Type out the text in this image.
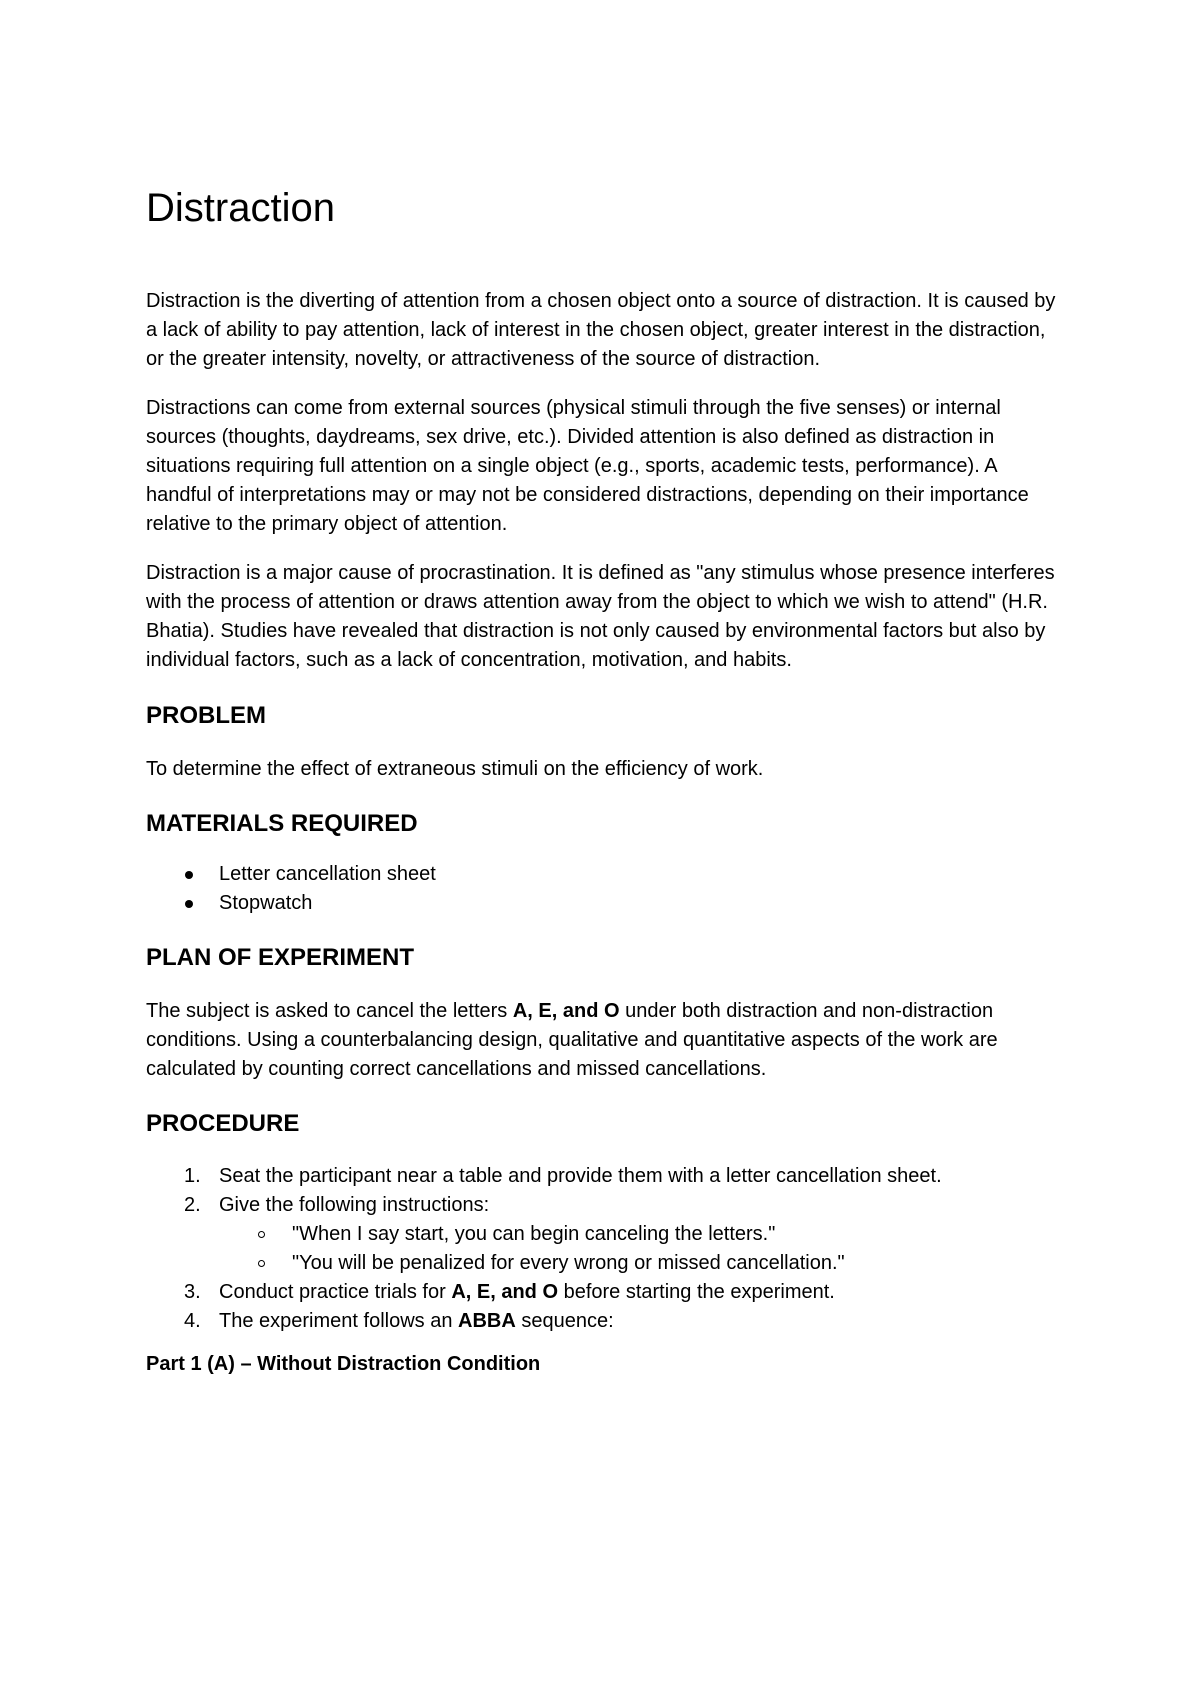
Distraction

Distraction is the diverting of attention from a chosen object onto a source of distraction. It is caused by a lack of ability to pay attention, lack of interest in the chosen object, greater interest in the distraction, or the greater intensity, novelty, or attractiveness of the source of distraction.

Distractions can come from external sources (physical stimuli through the five senses) or internal sources (thoughts, daydreams, sex drive, etc.). Divided attention is also defined as distraction in situations requiring full attention on a single object (e.g., sports, academic tests, performance). A handful of interpretations may or may not be considered distractions, depending on their importance relative to the primary object of attention.

Distraction is a major cause of procrastination. It is defined as "any stimulus whose presence interferes with the process of attention or draws attention away from the object to which we wish to attend" (H.R. Bhatia). Studies have revealed that distraction is not only caused by environmental factors but also by individual factors, such as a lack of concentration, motivation, and habits.

PROBLEM

To determine the effect of extraneous stimuli on the efficiency of work.

MATERIALS REQUIRED
Letter cancellation sheet
Stopwatch
PLAN OF EXPERIMENT

The subject is asked to cancel the letters A, E, and O under both distraction and non-distraction conditions. Using a counterbalancing design, qualitative and quantitative aspects of the work are calculated by counting correct cancellations and missed cancellations.

PROCEDURE
1. Seat the participant near a table and provide them with a letter cancellation sheet.
2. Give the following instructions:
"When I say start, you can begin canceling the letters."
"You will be penalized for every wrong or missed cancellation."
3. Conduct practice trials for A, E, and O before starting the experiment.
4. The experiment follows an ABBA sequence:
Part 1 (A) – Without Distraction Condition
